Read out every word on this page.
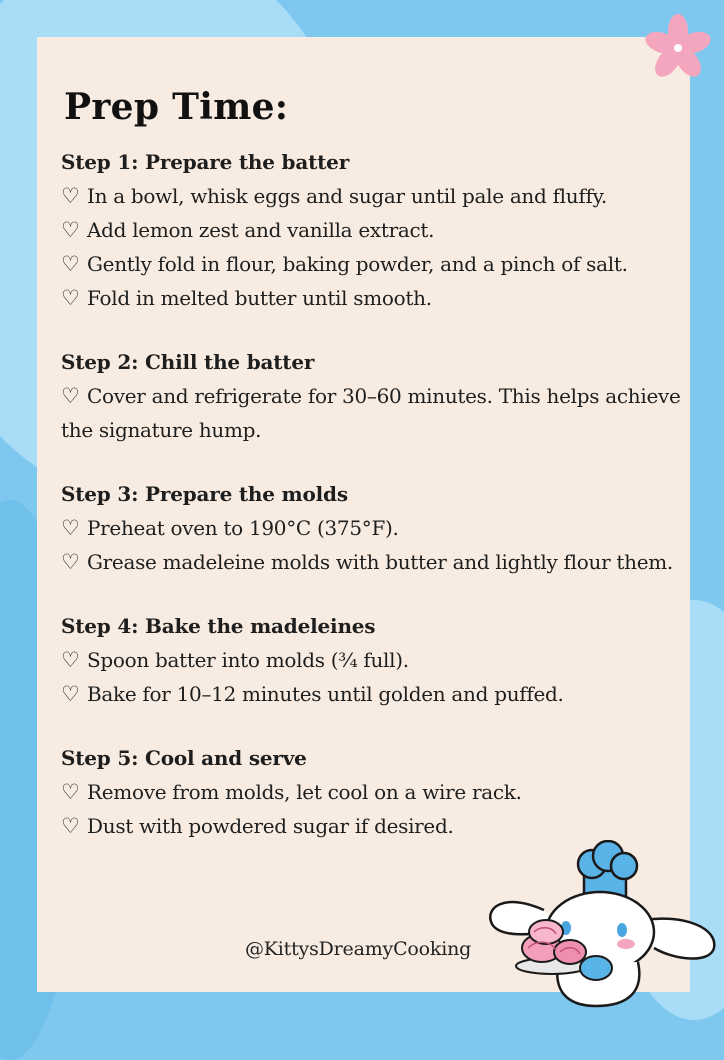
Prep Time:

Step 1: Prepare the batter

♡ In a bowl, whisk eggs and sugar until pale and fluffy.

♡ Add lemon zest and vanilla extract.

♡ Gently fold in flour, baking powder, and a pinch of salt.

♡ Fold in melted butter until smooth.

Step 2: Chill the batter

♡ Cover and refrigerate for 30–60 minutes. This helps achieve the signature hump.

Step 3: Prepare the molds

♡ Preheat oven to 190°C (375°F).

♡ Grease madeleine molds with butter and lightly flour them.

Step 4: Bake the madeleines

♡ Spoon batter into molds (¾ full).

♡ Bake for 10–12 minutes until golden and puffed.

Step 5: Cool and serve

♡ Remove from molds, let cool on a wire rack.

♡ Dust with powdered sugar if desired.

@KittysDreamyCooking
